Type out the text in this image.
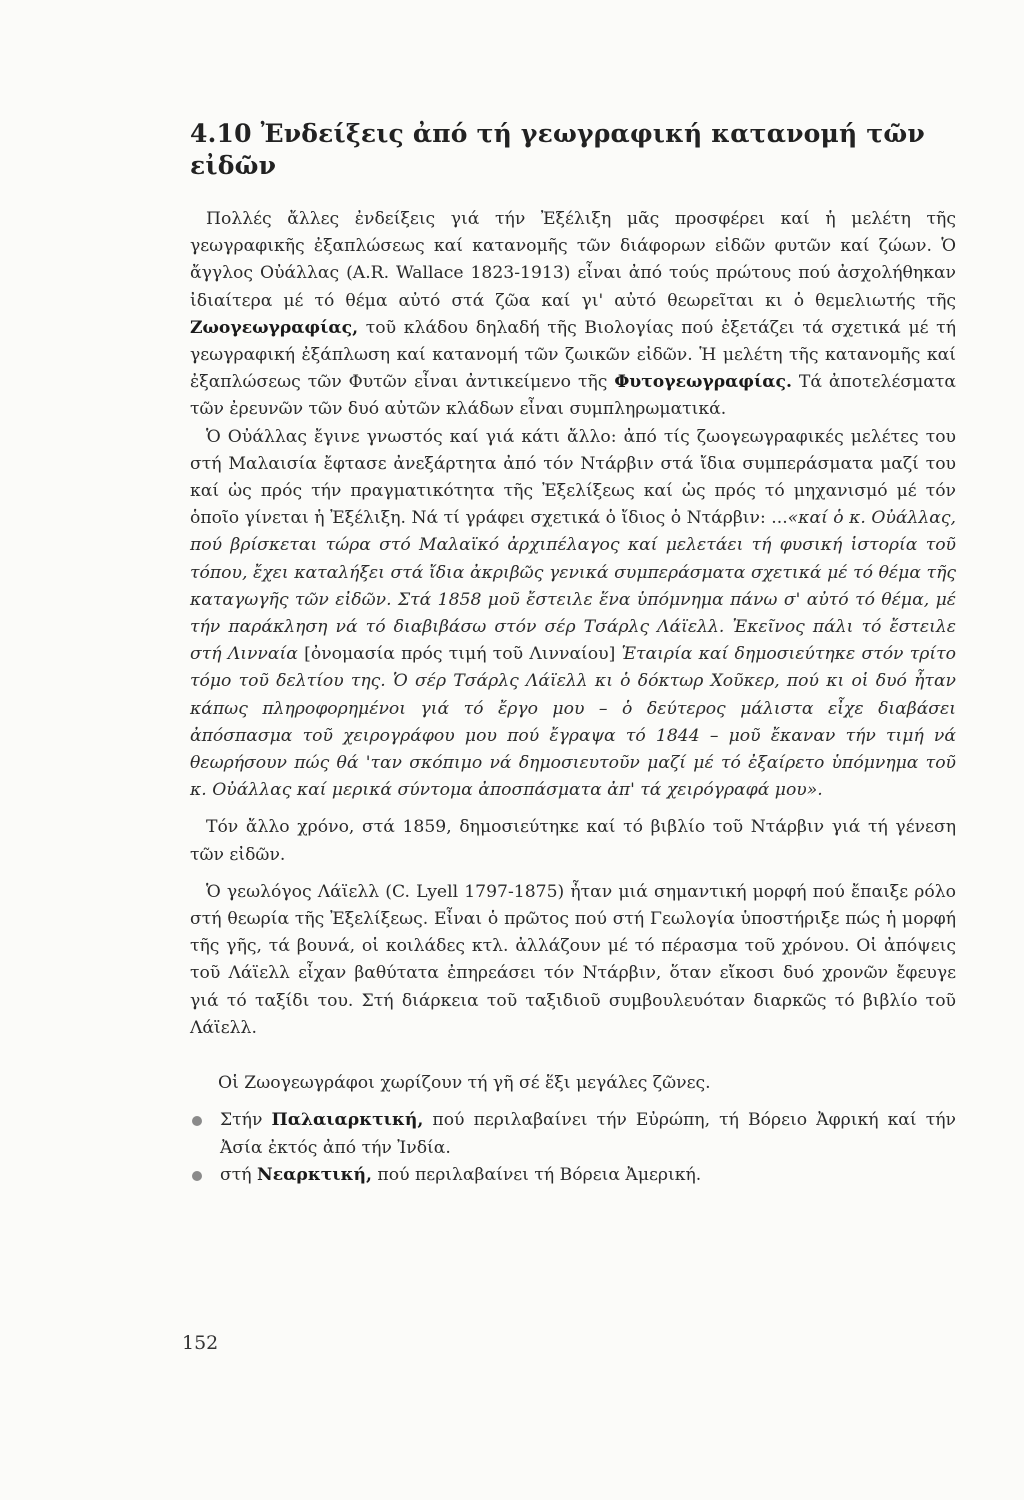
4.10 Ἐνδείξεις ἀπό τή γεωγραφική κατανομή τῶν εἰδῶν

Πολλές ἄλλες ἐνδείξεις γιά τήν Ἐξέλιξη μᾶς προσφέρει καί ἡ μελέτη τῆς γεωγραφικῆς ἐξαπλώσεως καί κατανομῆς τῶν διάφορων εἰδῶν φυτῶν καί ζώων. Ὁ ἄγγλος Οὐάλλας (A.R. Wallace 1823-1913) εἶναι ἀπό τούς πρώτους πού ἀσχολήθηκαν ἰδιαίτερα μέ τό θέμα αὐτό στά ζῶα καί γι' αὐτό θεωρεῖται κι ὁ θεμελιωτής τῆς Ζωογεωγραφίας, τοῦ κλάδου δηλαδή τῆς Βιολογίας πού ἐξετάζει τά σχετικά μέ τή γεωγραφική ἐξάπλωση καί κατανομή τῶν ζωικῶν εἰδῶν. Ἡ μελέτη τῆς κατανομῆς καί ἐξαπλώσεως τῶν Φυτῶν εἶναι ἀντικείμενο τῆς Φυτογεωγραφίας. Τά ἀποτελέσματα τῶν ἐρευνῶν τῶν δυό αὐτῶν κλάδων εἶναι συμπληρωματικά.

Ὁ Οὐάλλας ἔγινε γνωστός καί γιά κάτι ἄλλο: ἀπό τίς ζωογεωγραφικές μελέτες του στή Μαλαισία ἔφτασε ἀνεξάρτητα ἀπό τόν Ντάρβιν στά ἴδια συμπεράσματα μαζί του καί ὡς πρός τήν πραγματικότητα τῆς Ἐξελίξεως καί ὡς πρός τό μηχανισμό μέ τόν ὁποῖο γίνεται ἡ Ἐξέλιξη. Νά τί γράφει σχετικά ὁ ἴδιος ὁ Ντάρβιν: ...«καί ὁ κ. Οὐάλλας, πού βρίσκεται τώρα στό Μαλαϊκό ἀρχιπέλαγος καί μελετάει τή φυσική ἱστορία τοῦ τόπου, ἔχει καταλήξει στά ἴδια ἀκριβῶς γενικά συμπεράσματα σχετικά μέ τό θέμα τῆς καταγωγῆς τῶν εἰδῶν. Στά 1858 μοῦ ἔστειλε ἕνα ὑπόμνημα πάνω σ' αὐτό τό θέμα, μέ τήν παράκληση νά τό διαβιβάσω στόν σέρ Τσάρλς Λάϊελλ. Ἐκεῖνος πάλι τό ἔστειλε στή Λινναία [ὀνομασία πρός τιμή τοῦ Λινναίου] Ἑταιρία καί δημοσιεύτηκε στόν τρίτο τόμο τοῦ δελτίου της. Ὁ σέρ Τσάρλς Λάϊελλ κι ὁ δόκτωρ Χοῦκερ, πού κι οἱ δυό ἦταν κάπως πληροφορημένοι γιά τό ἔργο μου – ὁ δεύτερος μάλιστα εἶχε διαβάσει ἀπόσπασμα τοῦ χειρογράφου μου πού ἔγραψα τό 1844 – μοῦ ἔκαναν τήν τιμή νά θεωρήσουν πώς θά 'ταν σκόπιμο νά δημοσιευτοῦν μαζί μέ τό ἐξαίρετο ὑπόμνημα τοῦ κ. Οὐάλλας καί μερικά σύντομα ἀποσπάσματα ἀπ' τά χειρόγραφά μου».

Τόν ἄλλο χρόνο, στά 1859, δημοσιεύτηκε καί τό βιβλίο τοῦ Ντάρβιν γιά τή γένεση τῶν εἰδῶν.

Ὁ γεωλόγος Λάϊελλ (C. Lyell 1797-1875) ἦταν μιά σημαντική μορφή πού ἔπαιξε ρόλο στή θεωρία τῆς Ἐξελίξεως. Εἶναι ὁ πρῶτος πού στή Γεωλογία ὑποστήριξε πώς ἡ μορφή τῆς γῆς, τά βουνά, οἱ κοιλάδες κτλ. ἀλλάζουν μέ τό πέρασμα τοῦ χρόνου. Οἱ ἀπόψεις τοῦ Λάϊελλ εἶχαν βαθύτατα ἐπηρεάσει τόν Ντάρβιν, ὅταν εἴκοσι δυό χρονῶν ἔφευγε γιά τό ταξίδι του. Στή διάρκεια τοῦ ταξιδιοῦ συμβουλευόταν διαρκῶς τό βιβλίο τοῦ Λάϊελλ.

Οἱ Ζωογεωγράφοι χωρίζουν τή γῆ σέ ἕξι μεγάλες ζῶνες.

Στήν Παλαιαρκτική, πού περιλαβαίνει τήν Εὐρώπη, τή Βόρειο Ἀφρική καί τήν Ἀσία ἐκτός ἀπό τήν Ἰνδία.
στή Νεαρκτική, πού περιλαβαίνει τή Βόρεια Ἀμερική.
152
